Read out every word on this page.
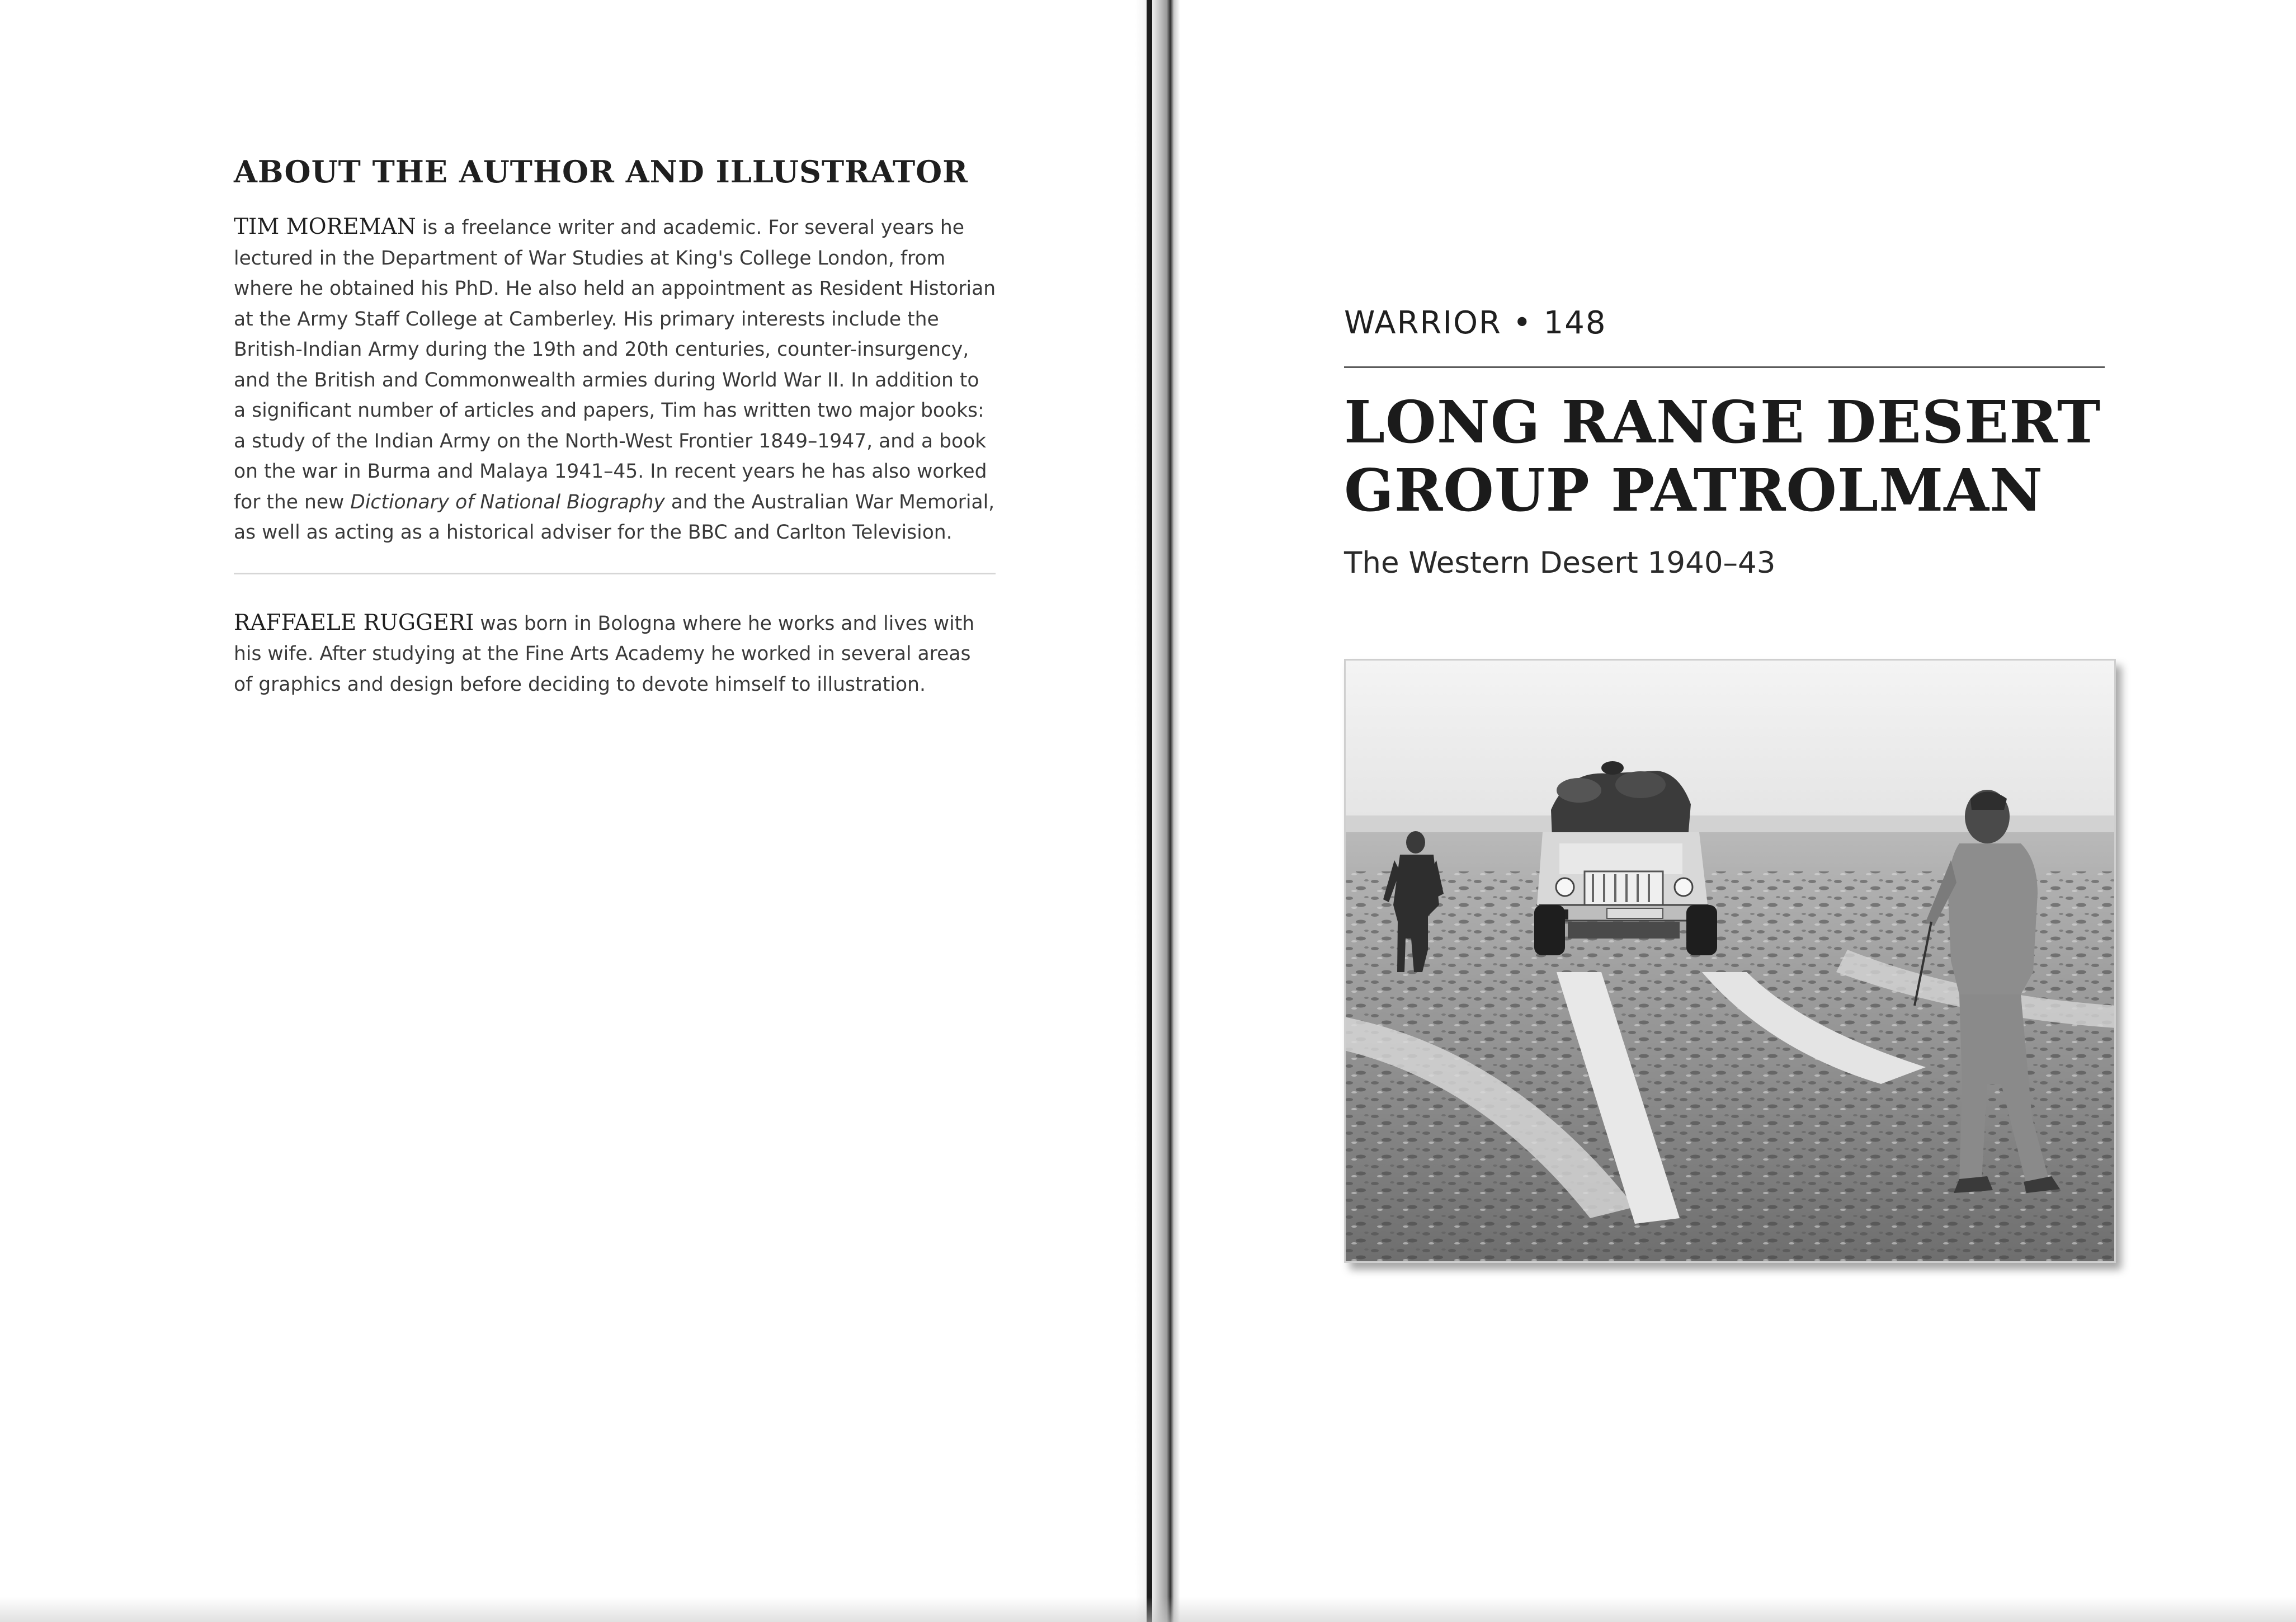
ABOUT THE AUTHOR AND ILLUSTRATOR

TIM MOREMAN is a freelance writer and academic. For several years he
lectured in the Department of War Studies at King's College London, from
where he obtained his PhD. He also held an appointment as Resident Historian
at the Army Staff College at Camberley. His primary interests include the
British-Indian Army during the 19th and 20th centuries, counter-insurgency,
and the British and Commonwealth armies during World War II. In addition to
a significant number of articles and papers, Tim has written two major books:
a study of the Indian Army on the North-West Frontier 1849–1947, and a book
on the war in Burma and Malaya 1941–45. In recent years he has also worked
for the new Dictionary of National Biography and the Australian War Memorial,
as well as acting as a historical adviser for the BBC and Carlton Television.

RAFFAELE RUGGERI was born in Bologna where he works and lives with
his wife. After studying at the Fine Arts Academy he worked in several areas
of graphics and design before deciding to devote himself to illustration.

WARRIOR • 148
LONG RANGE DESERT
GROUP PATROLMAN
The Western Desert 1940–43
